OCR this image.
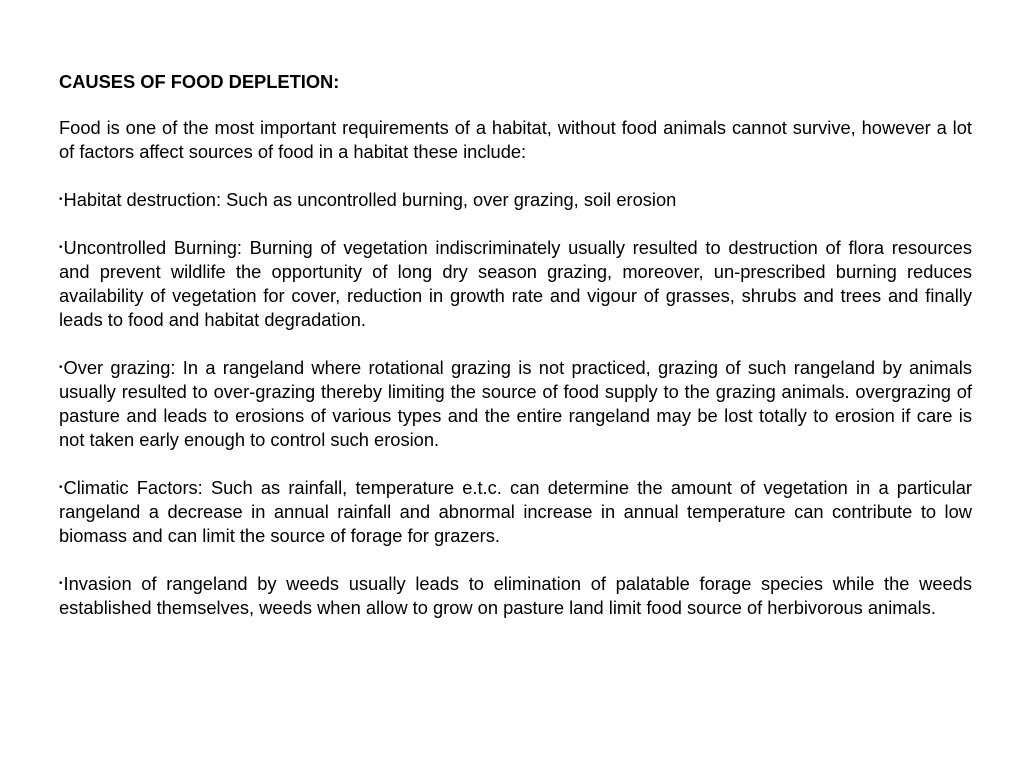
CAUSES OF FOOD DEPLETION:
Food is one of the most important requirements of a habitat, without food animals cannot survive, however a lot of factors affect sources of food in a habitat these include:
•Habitat destruction: Such as uncontrolled burning, over grazing, soil erosion
•Uncontrolled Burning: Burning of vegetation indiscriminately usually resulted to destruction of flora resources and prevent wildlife the opportunity of long dry season grazing, moreover, un-prescribed burning reduces availability of vegetation for cover, reduction in growth rate and vigour of grasses, shrubs and trees and finally leads to food and habitat degradation.
•Over grazing: In a rangeland where rotational grazing is not practiced, grazing of such rangeland by animals usually resulted to over-grazing thereby limiting the source of food supply to the grazing animals. overgrazing of pasture and leads to erosions of various types and the entire rangeland may be lost totally to erosion if care is not taken early enough to control such erosion.
•Climatic Factors: Such as rainfall, temperature e.t.c. can determine the amount of vegetation in a particular rangeland a decrease in annual rainfall and abnormal increase in annual temperature can contribute to low biomass and can limit the source of forage for grazers.
•Invasion of rangeland by weeds usually leads to elimination of palatable forage species while the weeds established themselves, weeds when allow to grow on pasture land limit food source of herbivorous animals.
